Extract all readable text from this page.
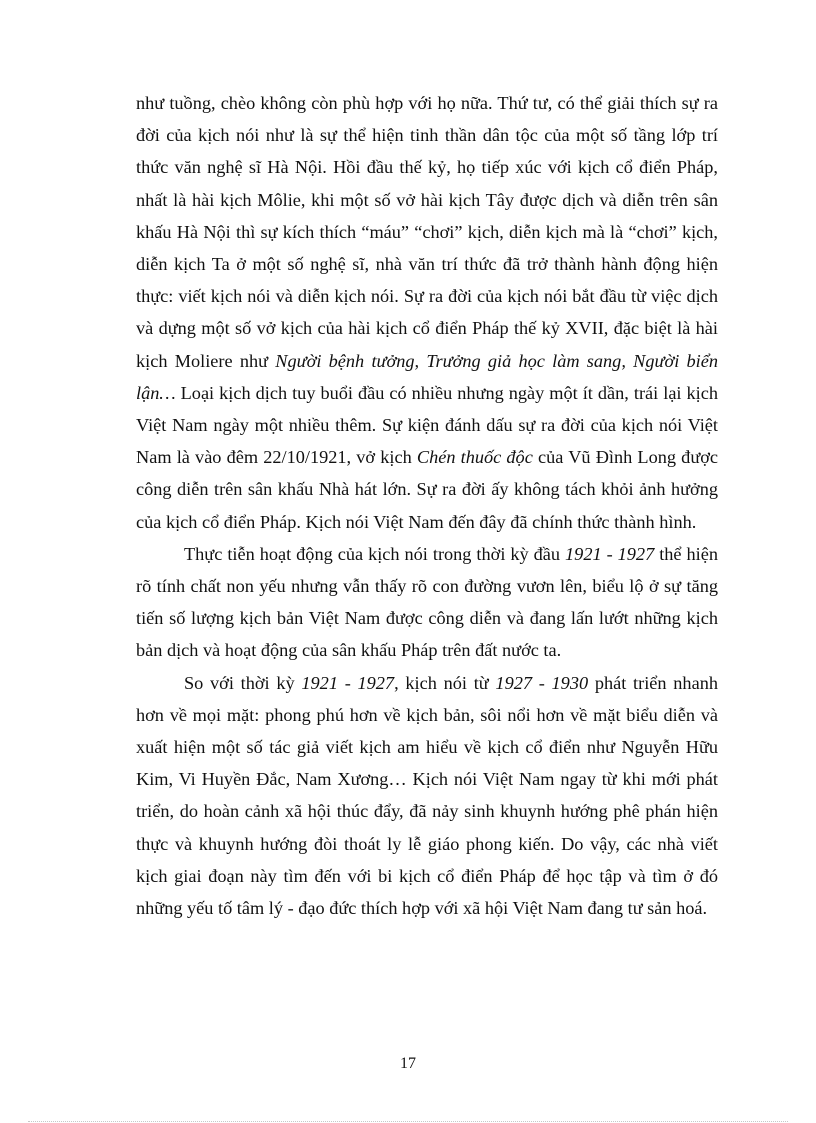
như tuồng, chèo không còn phù hợp với họ nữa. Thứ tư, có thể giải thích sự ra đời của kịch nói như là sự thể hiện tinh thần dân tộc của một số tầng lớp trí thức văn nghệ sĩ Hà Nội. Hồi đầu thế kỷ, họ tiếp xúc với kịch cổ điển Pháp, nhất là hài kịch Môlie, khi một số vở hài kịch Tây được dịch và diễn trên sân khấu Hà Nội thì sự kích thích “máu” “chơi” kịch, diễn kịch mà là “chơi” kịch, diễn kịch Ta ở một số nghệ sĩ, nhà văn trí thức đã trở thành hành động hiện thực: viết kịch nói và diễn kịch nói. Sự ra đời của kịch nói bắt đầu từ việc dịch và dựng một số vở kịch của hài kịch cổ điển Pháp thế kỷ XVII, đặc biệt là hài kịch Moliere như Người bệnh tưởng, Trưởng giả học làm sang, Người biển lận… Loại kịch dịch tuy buổi đầu có nhiều nhưng ngày một ít dần, trái lại kịch Việt Nam ngày một nhiều thêm. Sự kiện đánh dấu sự ra đời của kịch nói Việt Nam là vào đêm 22/10/1921, vở kịch Chén thuốc độc của Vũ Đình Long được công diễn trên sân khấu Nhà hát lớn. Sự ra đời ấy không tách khỏi ảnh hưởng của kịch cổ điển Pháp. Kịch nói Việt Nam đến đây đã chính thức thành hình.

Thực tiễn hoạt động của kịch nói trong thời kỳ đầu 1921 - 1927 thể hiện rõ tính chất non yếu nhưng vẫn thấy rõ con đường vươn lên, biểu lộ ở sự tăng tiến số lượng kịch bản Việt Nam được công diễn và đang lấn lướt những kịch bản dịch và hoạt động của sân khấu Pháp trên đất nước ta.

So với thời kỳ 1921 - 1927, kịch nói từ 1927 - 1930 phát triển nhanh hơn về mọi mặt: phong phú hơn về kịch bản, sôi nổi hơn về mặt biểu diễn và xuất hiện một số tác giả viết kịch am hiểu về kịch cổ điển như Nguyễn Hữu Kim, Vi Huyền Đắc, Nam Xương… Kịch nói Việt Nam ngay từ khi mới phát triển, do hoàn cảnh xã hội thúc đẩy, đã nảy sinh khuynh hướng phê phán hiện thực và khuynh hướng đòi thoát ly lễ giáo phong kiến. Do vậy, các nhà viết kịch giai đoạn này tìm đến với bi kịch cổ điển Pháp để học tập và tìm ở đó những yếu tố tâm lý - đạo đức thích hợp với xã hội Việt Nam đang tư sản hoá.

17
